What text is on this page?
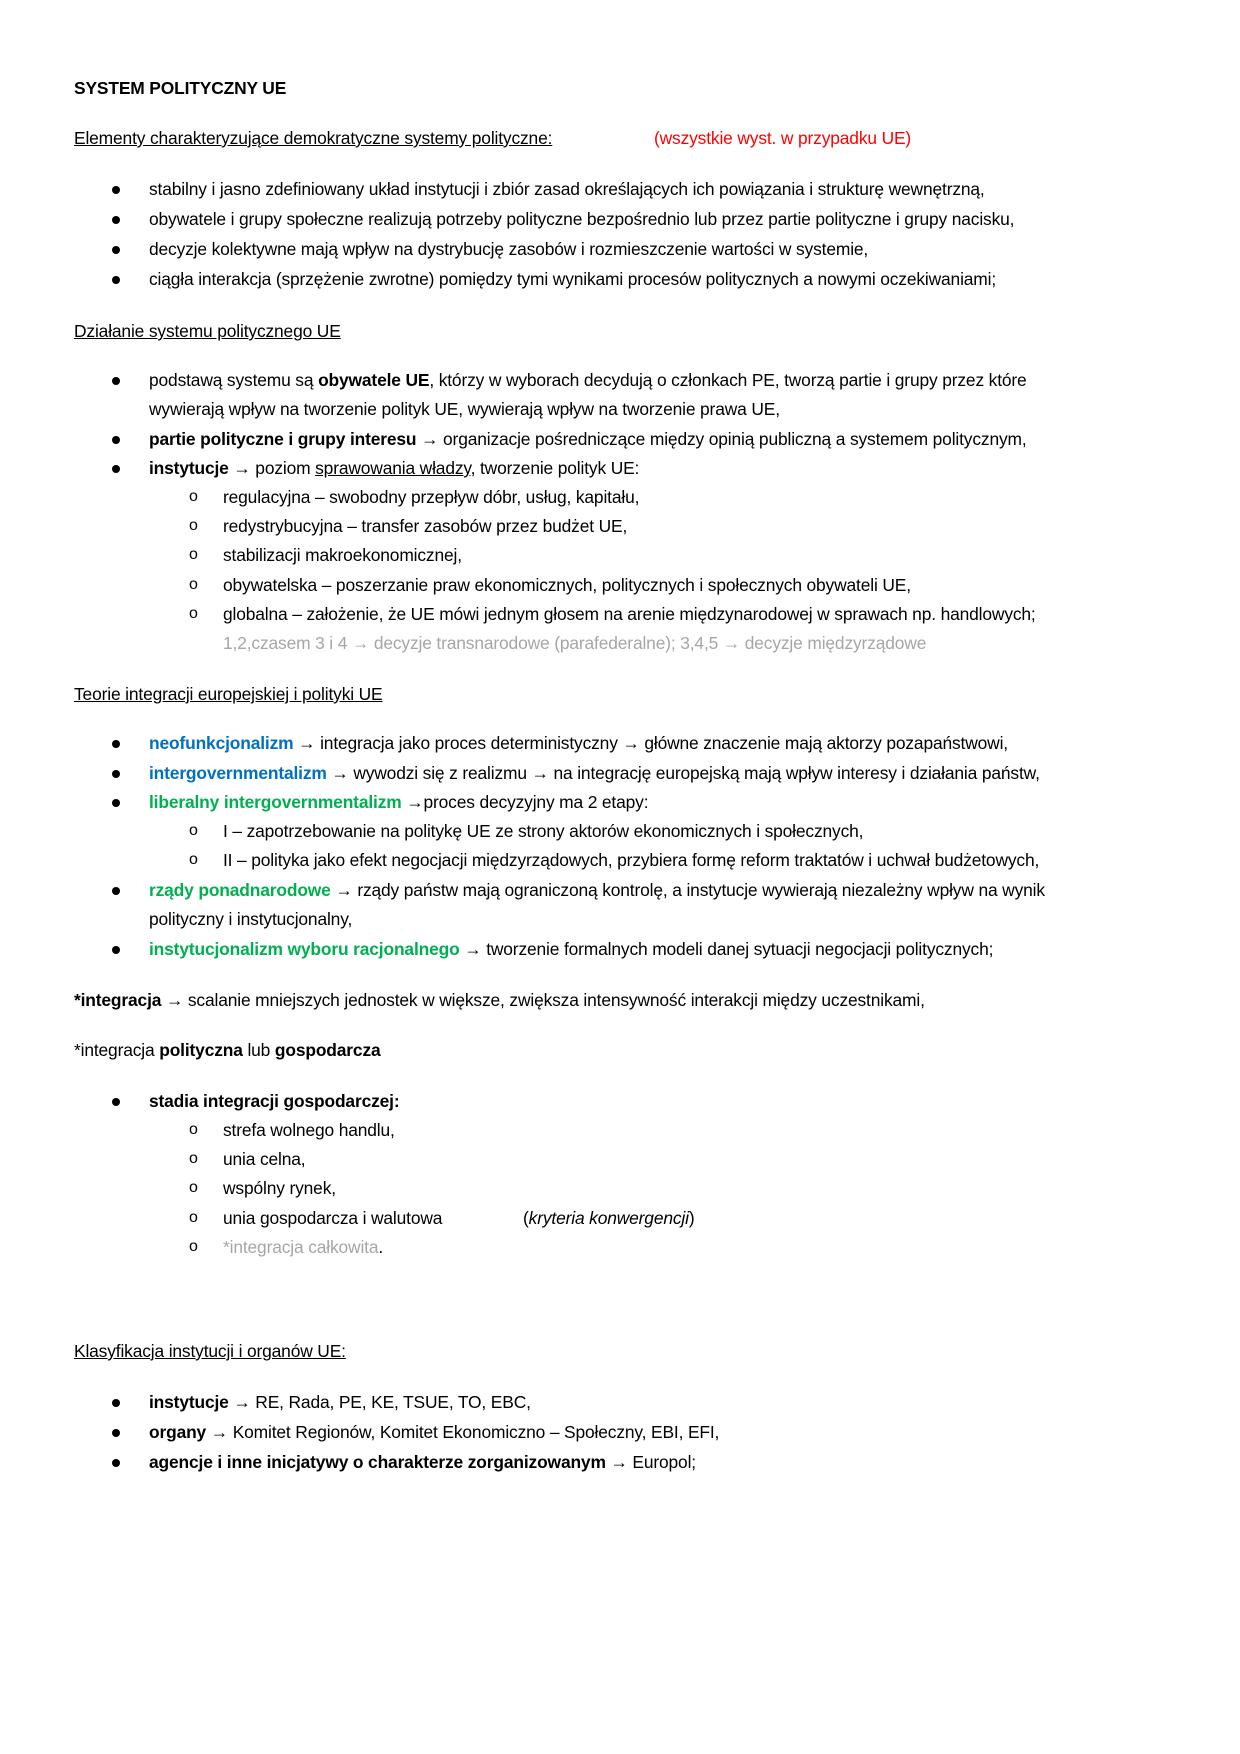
SYSTEM POLITYCZNY UE
Elementy charakteryzujące demokratyczne systemy polityczne:	(wszystkie wyst. w przypadku UE)
stabilny i jasno zdefiniowany układ instytucji i zbiór zasad określających ich powiązania i strukturę wewnętrzną,
obywatele i grupy społeczne realizują potrzeby polityczne bezpośrednio lub przez partie polityczne i grupy nacisku,
decyzje kolektywne mają wpływ na dystrybucję zasobów i rozmieszczenie wartości w systemie,
ciągła interakcja (sprzężenie zwrotne) pomiędzy tymi wynikami procesów politycznych a nowymi oczekiwaniami;
Działanie systemu politycznego UE
podstawą systemu są obywatele UE, którzy w wyborach decydują o członkach PE, tworzą partie i grupy przez które
wywierają wpływ na tworzenie polityk UE, wywierają wpływ na tworzenie prawa UE,
partie polityczne i grupy interesu → organizacje pośredniczące między opinią publiczną a systemem politycznym,
instytucje → poziom sprawowania władzy, tworzenie polityk UE:
o regulacyjna – swobodny przepływ dóbr, usług, kapitału,
o redystrybucyjna – transfer zasobów przez budżet UE,
o stabilizacji makroekonomicznej,
o obywatelska – poszerzanie praw ekonomicznych, politycznych i społecznych obywateli UE,
o globalna – założenie, że UE mówi jednym głosem na arenie międzynarodowej w sprawach np. handlowych;
1,2,czasem 3 i 4 → decyzje transnarodowe (parafederalne); 3,4,5 → decyzje międzyrządowe
Teorie integracji europejskiej i polityki UE
neofunkcjonalizm → integracja jako proces deterministyczny → główne znaczenie mają aktorzy pozapaństwowi,
intergovernmentalizm → wywodzi się z realizmu → na integrację europejską mają wpływ interesy i działania państw,
liberalny intergovernmentalizm →proces decyzyjny ma 2 etapy:
o I – zapotrzebowanie na politykę UE ze strony aktorów ekonomicznych i społecznych,
o II – polityka jako efekt negocjacji międzyrządowych, przybiera formę reform traktatów i uchwał budżetowych,
rządy ponadnarodowe → rządy państw mają ograniczoną kontrolę, a instytucje wywierają niezależny wpływ na wynik
polityczny i instytucjonalny,
instytucjonalizm wyboru racjonalnego → tworzenie formalnych modeli danej sytuacji negocjacji politycznych;
*integracja → scalanie mniejszych jednostek w większe, zwiększa intensywność interakcji między uczestnikami,
*integracja polityczna lub gospodarcza
stadia integracji gospodarczej:
o strefa wolnego handlu,
o unia celna,
o wspólny rynek,
o unia gospodarcza i walutowa	(kryteria konwergencji)
o *integracja całkowita.
Klasyfikacja instytucji i organów UE:
instytucje → RE, Rada, PE, KE, TSUE, TO, EBC,
organy → Komitet Regionów, Komitet Ekonomiczno – Społeczny, EBI, EFI,
agencje i inne inicjatywy o charakterze zorganizowanym → Europol;
